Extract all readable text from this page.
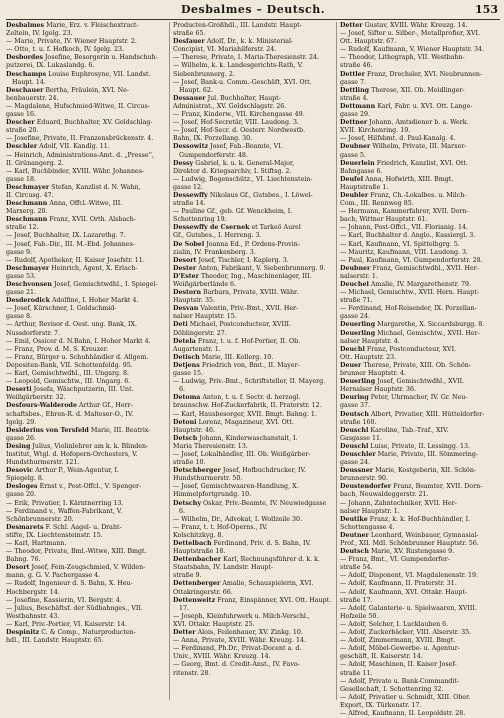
Desbalmes – Deutsch.	153

Desbalmes Marie, Erz. v. Fleischextract-

Zeltein, IV. Igelg. 23.

— Marie, Private, IV. Wiener Hauptstr. 2.

— Otto, t. u. f. Hofkoch, IV. Igelg. 23.

Desbordes Josefine, Besorgerin u. Handschuh-

putzerei, IX. Lukaslandg. 6.

Deschamps Louise Euphrosyne, VII. Landst. Haupt. 14.

Deschauer Bertha, Fräulein, XVI. Ne-

benbauerstr. 24.

— Magdalene, Hufschmied-Witwe, II. Circus-

gasse 16.

Descher Eduard, Buchhalter, XV. Goldschlag-

straße 20.

— Josefine, Private, II. Franzensbrückenstr. 4.

Deschler Adolf, VII. Kandlg. 11.

— Heinrich, Administrations-Amt. d. „Presse“,

II. Grünangerg. 2.

— Karl, Buchbinder, XVIII. Währ. Johannes-

gasse 18.

Deschmayer Stefan, Kanzlist d. N. Wahn,

II. Circusg. 47.

Deschmann Anna, Offcl.-Witwe, III.

Marxerg. 20.

Deschmann Franz, XVII. Orth. Alsbach-

straße 12.

— Josef, Buchhalter, IX. Lazarethg. 7.

— Josef, Fab.-Dir., III. M.-Ebd. Johannes-

gasse 9.

— Rudolf, Apotheker, II. Kaiser Josefstr. 11.

Deschmayer Heinrich, Agent, X. Erlach-

gasse 53.

Deschvonsen Josef, Gemischtwdhl., I. Spiegel-

gasse 21.

Desderodick Adolfine, I. Hoher Markt 4.

— Josef, Kürschner, I. Goldschmid-

gasse 8.

— Arthur, Revisor d. Oest. ung. Bank, IX.

Nussdorferstr. 7.

— Emil, Ossicer d. N.Bahn, I. Hoher Markt 4.

— Franz, Prov. d. M. S. Kreuzer.

— Franz, Bürger u. Schuhhändler d. Allgem.

Depositen-Bank, VII. Schottenfeldg. 95.

— Karl, Gemischtwdhl., III. Ungarg. 8.

— Leopold, Gemischtw., III. Ungarg. 6.

Deserti Josefa, Wäschputzerin, III. Unt.

Weißgärberstr. 32.

Desfours-Walderode Arthur Gf., Herr-

schaftsbes., Ehren-R. d. Malteser-O., IV.

Igelg. 29.

Desiderius von Tersfeld Marie, III. Beatrix-

gasse 26.

Desing Julius, Violinlehrer am k. k. Blinden-

Institut, Wtgl. d. Hofopern-Orchesters, V.

Hundsthurmerstr. 121.

Desovic Arthur P., Wein-Agentur, I.

Spiegelg. 8.

Desloges Ernst v., Post-Offcl., V. Spenger-

gasse 20.

— Erik, Privatier, I. Kärntnerring 13.

— Ferdinand v., Waffen-Fabrikant, V.

Schönbrunnerstr. 20.

Desmarets F. Schl. Aagel- u. Draht-

stifte, IX. Liechtensteinstr. 15.

— Karl, Hartmann.

— Theodor, Private, Bml.-Witwe, XIII. Bmgt.

Bahng. 76.

Desort Josef, Fein-Zeugschmied, V. Wilden-

mann, g. G. V. Pachergasse 4.

— Rudolf, Ingenieur d. S. Bahn, X. Heu-

Hochbergstr. 14.

— Josefine, Kassierin, VI. Bergstr. 4.

— Julius, Beschäftsf. der Südbahnges., VII.

Westbahnstr. 43.

— Karl, Priv.-Portier, VI. Kaiserstr. 14.

Despinitz C. & Comp., Naturproducten-

hdl., III. Landstr. Hauptstr. 65.

Producten-Großhdl., III. Landstr. Haupt-

straße 65.

Desfauer Adolf, Dr., k. k. Ministerial-

Concipist, VI. Mariahilferstr. 24.

— Therese, Private, I. Maria-Theresienstr. 24.

— Wilhelm, k. k. Landesgerichts-Rath, V.

Siebenbrunnerg. 2.

— Josef, Bank-u. Comm.-Geschäft, XVI. Ott. Haupt. 62.

Dessauer Jul. Buchhalter, Haupt-

Administrat., XV. Goldschlagstr. 26.

— Franz, Kinderw., VII. Kirchengasse 49.

— Josef, Hof-Secretär, VIII. Laudong. 3.

— Josef, Hof-Secr. d. Oesterr. Nordwestb.

Bahn, IX. Porzellang. 30.

Dessowitz Josef, Fab.-Beamte, VI. Gumpendorferstr. 48.

Dessy Gabriel, k. u. k. General-Major,

Direktor d. Kriegsarchiv, I. Stiftsg. 2.

— Ludwig, Bogenschütz., VI. Liechtenstein-

gasse 12.

Dessewffy Nikolaus Gf., Gutsbes., I. Löwel-

straße 14.

— Pauline Gf., geb. Gf. Wenckheim, I.

Schottenring 19.

Dessewffy de Csernek et Tarkeö Aurel

Gf., Gutsbes., I. Herreng. 3.

De Sobel Joanna Ed., P. Ordens-Provin-

zialin, IV. Frankenberg. 3.

Desort Josef, Tischler, I. Kaplerg. 3.

Dester Anton, Fabrikant, V. Siebenbrunnerg. 9.

D'Ester Theodor, Ing., Maschinenlager, III.

Weißgärberlände 6.

Destorn Barbara, Private, XVIII. Währ.

Hauptstr. 35.

Desvan Valentin, Priv.-Bmt., XVII. Her-

nalser Hauptstr. 15.

Deti Michael, Postconducteur, XVIII.

Döblingerstr. 27.

Detela Franz, t. u. f. Hof-Portier, II. Ob.

Augartenstr. 1.

Detisch Marie, III. Kollerg. 10.

Detjens Friedrich von, Bmt., II. Mayer-

gasse 15.

— Ludwig, Priv.-Bmt., Schriftsteller, II. Mayerg. 6.

Detoma Anton, t. u. f. Sectr. d. herzogl.

braunschw. Hof-Zuckerfabrik, II. Praterstr. 12.

— Karl, Hausbesorger, XVII. Bmgt. Bahng. 1.

Detoni Lorenz, Magazineur, XVI. Ott.

Hauptstr. 46.

Detsch Johann, Kinderwaschanstalt, I.

Maria Theresienstr. 13.

— Josef, Lokalhändler, III. Ob. Weißgärber-

straße 10.

Detschberger Josef, Hofbuchdrucker, IV.

Hundsthurmerstr. 50.

— Josef, Gemischtwaaren-Handlung, X.

Himmelpfortgrundg. 10.

Detschy Oskar, Priv.-Beamte, IV. Neuwiedgasse 6.

— Wilhelm, Dr., Advokat, I. Wollzeile 30.

— Franz, t. t. Hof-Operns., IV.

Kolschitzkyg. 8.

Dettelbach Ferdinand, Priv. d. S. Bahn, IV.

Hauptstraße 18.

Dettenbacher Karl, Rechnungsführer d. k. k.

Staatsbahn, IV. Landstr. Haupt-

straße 9.

Dettenberger Amalie, Schauspielerin, XVI.

Ottakringerstr. 66.

Dettenweitz Franz, Einspänner, XVI. Ott. Haupt. 17.

— Joseph, Kleinfuhrwerk u. Milch-Verschl.,

XVI. Ottakr. Hauptstr. 25.

Detter Alois, Feilenhauer, XV. Zinkg. 10.

— Anna, Private, XVIII. Währ. Kreuzg. 14.

— Ferdinand, Ph.Dr., Privat-Docent a. d.

Univ., XVIII. Währ. Kreuzg. 14.

— Georg, Bmt. d. Credit-Anst., IV. Favo-

ritenstr. 28.

Detter Gustav, XVIII. Währ. Kreuzg. 14.

— Josef, Sifter u. Silber-, Metallprofier, XVI.

Ott. Hauptstr. 67.

— Rudolf, Kaufmann, V. Wiener Hauptstr. 34.

— Theodor, Lithograph, VII. Westbahn-

straße 46.

Dettler Franz, Drechsler, XVI. Neubrunnen-

gasse 7.

Dettling Therese, XII. Ob. Meidlinger-

straße 4.

Dettmann Karl, Fabr. u. XVI. Ott. Lange-

gasse 29.

Dettner Johann, Amtsdiener b. a. Werk.

XVII. Kirchenring. 19.

— Josef, Hilfsbmt. d. Paul-Kanalg. 4.

Deubner Wilhelm, Private, III. Marxer-

gasse 5.

Deuerlein Friedrich, Kanzlist, XVI. Ott.

Bahngasse 6.

Deufel Anna, Hofwirth, XIII. Bmgt.

Hauptstraße 1.

Deubler Franz, Ch.-Lokalbes. u. Milch-

Com., III. Rennweg 85.

— Hermann, Kammerfahrer, XVII. Dorn-

bach, Wittner Hauptstr. 61.

— Johann, Post-Offcl., VII. Florianig. 14.

— Karl, Buchhalter d. Anglo., Kassiergl. 3.

— Karl, Kaufmann, VI. Spittelbgrg. 5.

— Mauritz, Kaufmann, VIII. Laudong. 3.

— Paul, Kaufmann, VI. Gumpendorferstr. 28.

Deubner Franz, Gemischtwdhl., XVII. Her-

nalserstr. 1.

Deuchel Amalie, IV. Margarethenstr. 79.

— Michael, Gemischtw., XVII. Hern. Haupt-

straße 71.

— Ferdinand, Hof-Reisender, IX. Porzellan-

gasse 24.

Deuerling Margarethe, X. Siccardsburgg. 8.

Deuerling Michael, Gemischtw., XVII. Her-

nalser Hauptstr. 4.

Deuchl Franz, Postconducteur, XVI.

Ott. Hauptstr. 23.

Deuer Therese, Private, XIII. Ob. Schön-

brunner Hauptstr. 4.

Deuerling Josef, Gemischtwdhl., XVII.

Hernalser Hauptstr. 36.

Deuring Peter, Uhrmacher, IV. Gr. Neu-

gasse 37.

Deutsch Albert, Privatier, XIII. Hütteldorfer-

straße 160.

Deuschl Karoline, Tab.-Traf., XIV.

Gasgasse 11.

Deuschl Luise, Private, II. Lessingg. 13.

Deuschler Marie, Private, III. Sömmering-

gasse 24.

Deussner Marie, Kostgeberin, XII. Schön-

brunnerstr. 90.

Deustendorfer Franz, Beamter, XVII. Dorn-

bach, Neuwaldeggerstr. 21.

— Johann, Zahntechniker, XVII. Her-

nalser Hauptstr. 1.

Deutike Franz, k. k. Hof-Buchhändler, I.

Schottengasse 4.

Deutner Leonhard, Weinbauer, Gymnasial-

Prof., XII. Mdl. Schönbrunner Hauptstr. 56.

Deutsch Marie, XV. Rustengasse 9.

— Franz, Bmt., VI. Gumpendorfer-

straße 54.

— Adolf, Disponent, VI. Magdalenenstr. 19.

— Adolf, Kaufmann, II. Praterstr. 31.

— Adolf, Kaufmann, XVI. Ottakr. Haupt-

straße 17.

— Adolf, Galanterie- u. Spielwaaren, XVIII.

Hofzeile 50.

— Adolf, Selcher, I. Lucklauben 6.

— Adolf, Zuckerbäcker, VIII. Alserstr. 35.

— Adolf, Zimmermann, XVIII. Bmgt.

— Adolf, Möbel-Gewerbe- u. Agentur-

geschäft, II. Kaiserstr. 14.

— Adolf, Maschinen, II. Kaiser Josef-

straße 11.

— Adolf, Private u. Bank-Commandit-

Gesellschaft, I. Schottenring 32.

— Adolf, Privatier u. Schmidt, XIII. Ober.

Export, IX. Türkenstr. 17.

— Alfred, Kaufmann, II. Leopoldstr. 28.
